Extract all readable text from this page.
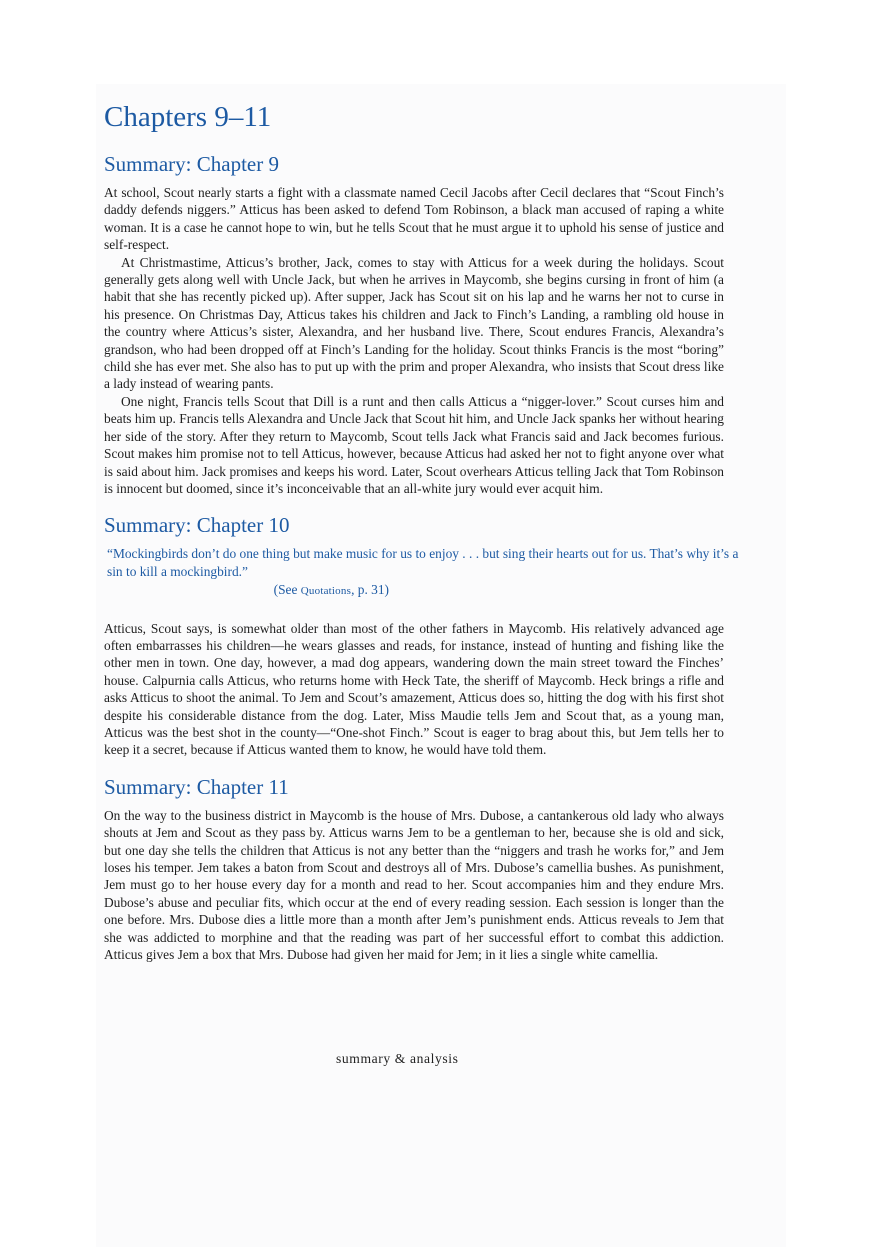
Chapters 9–11
Summary: Chapter 9

At school, Scout nearly starts a fight with a classmate named Cecil Jacobs after Cecil declares that “Scout Finch’s daddy defends niggers.” Atticus has been asked to defend Tom Robinson, a black man accused of raping a white woman. It is a case he cannot hope to win, but he tells Scout that he must argue it to uphold his sense of justice and self-respect.

At Christmastime, Atticus’s brother, Jack, comes to stay with Atticus for a week during the holidays. Scout generally gets along well with Uncle Jack, but when he arrives in Maycomb, she begins cursing in front of him (a habit that she has recently picked up). After supper, Jack has Scout sit on his lap and he warns her not to curse in his presence. On Christmas Day, Atticus takes his children and Jack to Finch’s Landing, a rambling old house in the country where Atticus’s sister, Alexandra, and her husband live. There, Scout endures Francis, Alexandra’s grandson, who had been dropped off at Finch’s Landing for the holiday. Scout thinks Francis is the most “boring” child she has ever met. She also has to put up with the prim and proper Alexandra, who insists that Scout dress like a lady instead of wearing pants.

One night, Francis tells Scout that Dill is a runt and then calls Atticus a “nigger-lover.” Scout curses him and beats him up. Francis tells Alexandra and Uncle Jack that Scout hit him, and Uncle Jack spanks her without hearing her side of the story. After they return to Maycomb, Scout tells Jack what Francis said and Jack becomes furious. Scout makes him promise not to tell Atticus, however, because Atticus had asked her not to fight anyone over what is said about him. Jack promises and keeps his word. Later, Scout overhears Atticus telling Jack that Tom Robinson is innocent but doomed, since it’s inconceivable that an all-white jury would ever acquit him.

Summary: Chapter 10
“Mockingbirds don’t do one thing but make music for us to enjoy . . . but sing their hearts out for us. That’s why it’s a sin to kill a mockingbird.”
(See Quotations, p. 31)

Atticus, Scout says, is somewhat older than most of the other fathers in Maycomb. His relatively advanced age often embarrasses his children—he wears glasses and reads, for instance, instead of hunting and fishing like the other men in town. One day, however, a mad dog appears, wandering down the main street toward the Finches’ house. Calpurnia calls Atticus, who returns home with Heck Tate, the sheriff of Maycomb. Heck brings a rifle and asks Atticus to shoot the animal. To Jem and Scout’s amazement, Atticus does so, hitting the dog with his first shot despite his considerable distance from the dog. Later, Miss Maudie tells Jem and Scout that, as a young man, Atticus was the best shot in the county—“One-shot Finch.” Scout is eager to brag about this, but Jem tells her to keep it a secret, because if Atticus wanted them to know, he would have told them.

Summary: Chapter 11

On the way to the business district in Maycomb is the house of Mrs. Dubose, a cantankerous old lady who always shouts at Jem and Scout as they pass by. Atticus warns Jem to be a gentleman to her, because she is old and sick, but one day she tells the children that Atticus is not any better than the “niggers and trash he works for,” and Jem loses his temper. Jem takes a baton from Scout and destroys all of Mrs. Dubose’s camellia bushes. As punishment, Jem must go to her house every day for a month and read to her. Scout accompanies him and they endure Mrs. Dubose’s abuse and peculiar fits, which occur at the end of every reading session. Each session is longer than the one before. Mrs. Dubose dies a little more than a month after Jem’s punishment ends. Atticus reveals to Jem that she was addicted to morphine and that the reading was part of her successful effort to combat this addiction. Atticus gives Jem a box that Mrs. Dubose had given her maid for Jem; in it lies a single white camellia.

summary & analysis
